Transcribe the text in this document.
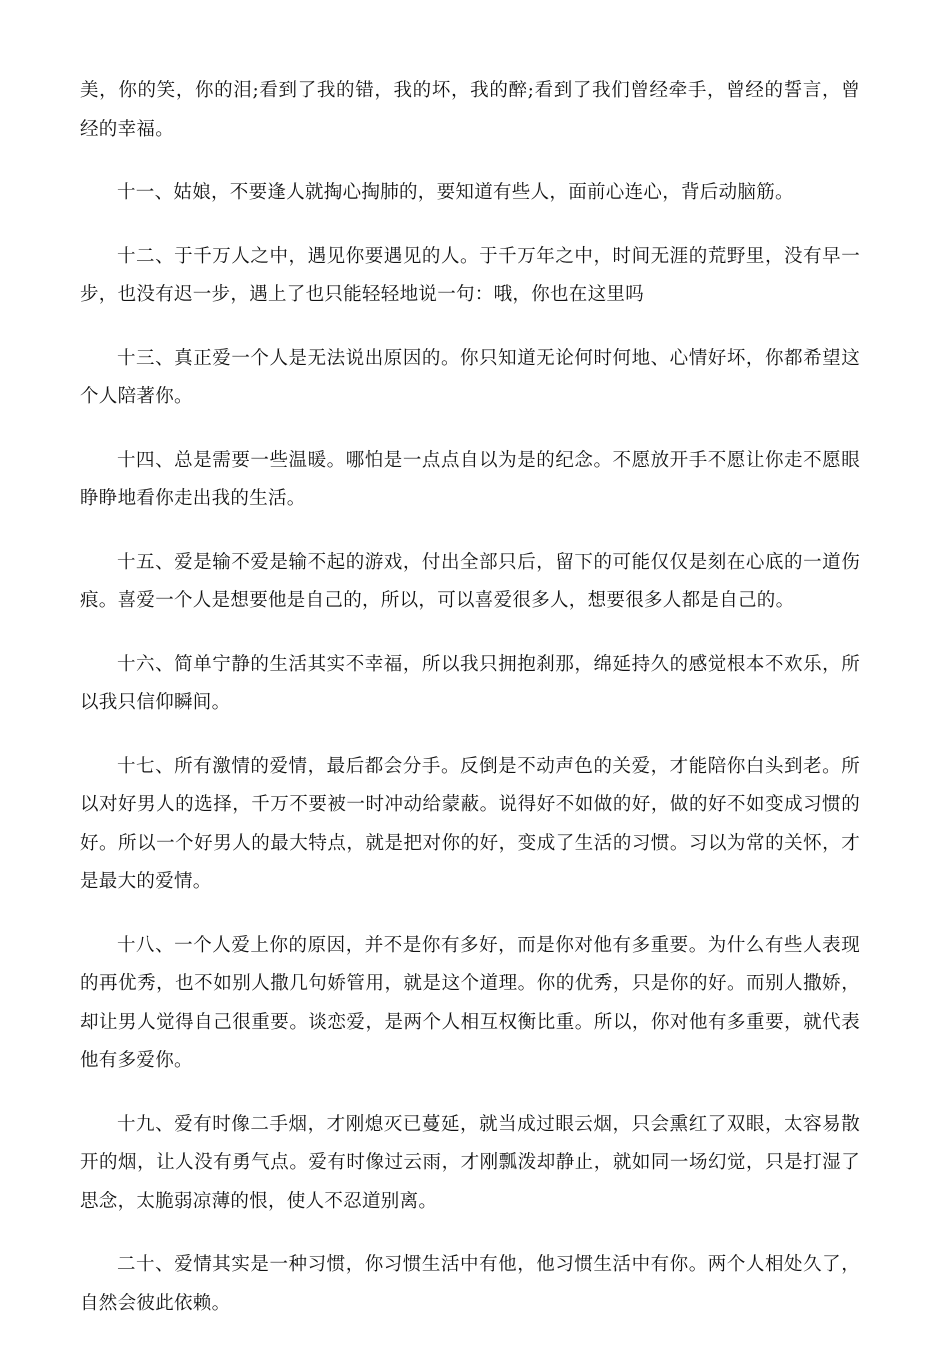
美，你的笑，你的泪;看到了我的错，我的坏，我的醉;看到了我们曾经牵手，曾经的誓言，曾经的幸福。

十一、姑娘，不要逢人就掏心掏肺的，要知道有些人，面前心连心，背后动脑筋。

十二、于千万人之中，遇见你要遇见的人。于千万年之中，时间无涯的荒野里，没有早一步，也没有迟一步，遇上了也只能轻轻地说一句：哦，你也在这里吗

十三、真正爱一个人是无法说出原因的。你只知道无论何时何地、心情好坏，你都希望这个人陪著你。

十四、总是需要一些温暖。哪怕是一点点自以为是的纪念。不愿放开手不愿让你走不愿眼睁睁地看你走出我的生活。

十五、爱是输不爱是输不起的游戏，付出全部只后，留下的可能仅仅是刻在心底的一道伤痕。喜爱一个人是想要他是自己的，所以，可以喜爱很多人，想要很多人都是自己的。

十六、简单宁静的生活其实不幸福，所以我只拥抱刹那，绵延持久的感觉根本不欢乐，所以我只信仰瞬间。

十七、所有激情的爱情，最后都会分手。反倒是不动声色的关爱，才能陪你白头到老。所以对好男人的选择，千万不要被一时冲动给蒙蔽。说得好不如做的好，做的好不如变成习惯的好。所以一个好男人的最大特点，就是把对你的好，变成了生活的习惯。习以为常的关怀，才是最大的爱情。

十八、一个人爱上你的原因，并不是你有多好，而是你对他有多重要。为什么有些人表现的再优秀，也不如别人撒几句娇管用，就是这个道理。你的优秀，只是你的好。而别人撒娇，却让男人觉得自己很重要。谈恋爱，是两个人相互权衡比重。所以，你对他有多重要，就代表他有多爱你。

十九、爱有时像二手烟，才刚熄灭已蔓延，就当成过眼云烟，只会熏红了双眼，太容易散开的烟，让人没有勇气点。爱有时像过云雨，才刚瓢泼却静止，就如同一场幻觉，只是打湿了思念，太脆弱凉薄的恨，使人不忍道别离。

二十、爱情其实是一种习惯，你习惯生活中有他，他习惯生活中有你。两个人相处久了，自然会彼此依赖。
